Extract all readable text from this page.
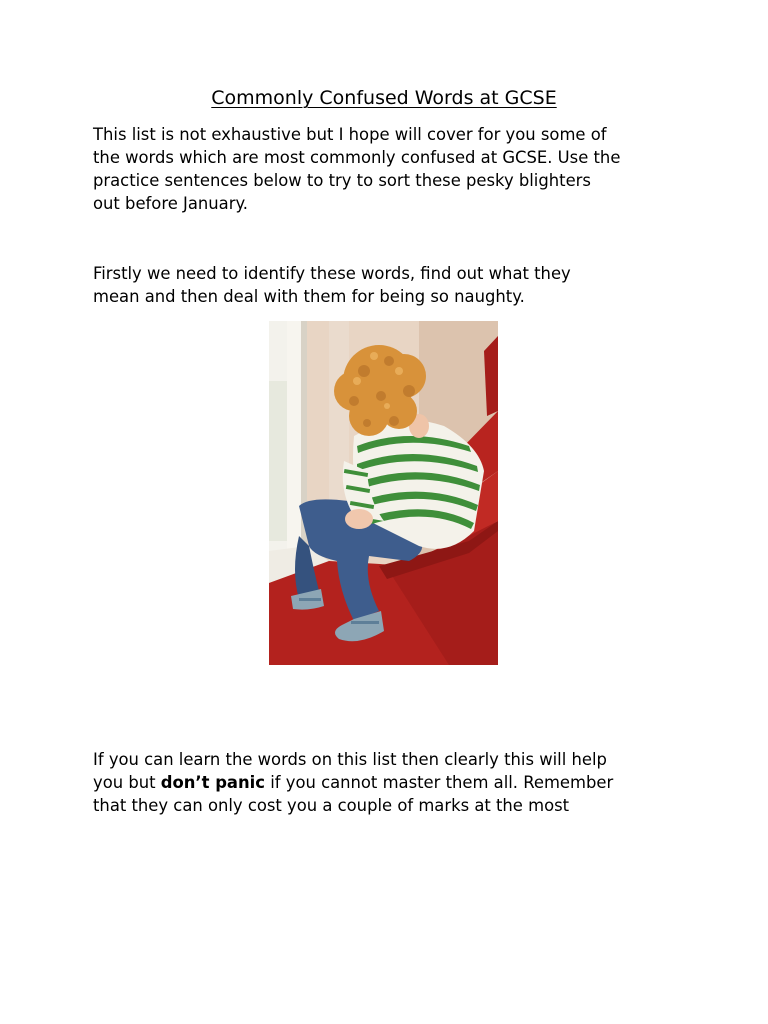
Commonly Confused Words at GCSE

This list is not exhaustive but I hope will cover for you some of
the words which are most commonly confused at GCSE. Use the
practice sentences below to try to sort these pesky blighters
out before January.

Firstly we need to identify these words, find out what they
mean and then deal with them for being so naughty.

If you can learn the words on this list then clearly this will help
you but don’t panic if you cannot master them all. Remember
that they can only cost you a couple of marks at the most
